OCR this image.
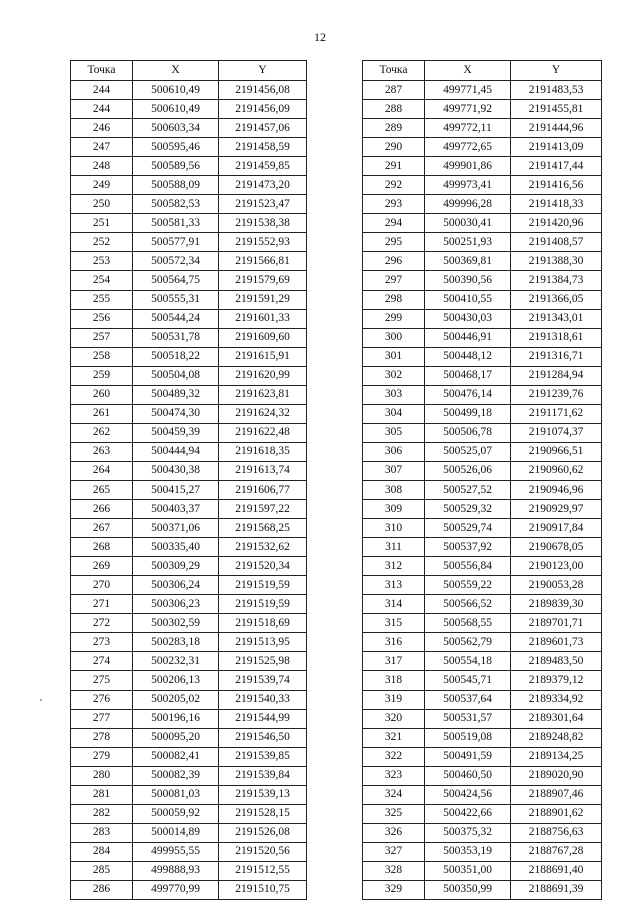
12
Точка	X	Y
244	500610,49	2191456,08
244	500610,49	2191456,09
246	500603,34	2191457,06
247	500595,46	2191458,59
248	500589,56	2191459,85
249	500588,09	2191473,20
250	500582,53	2191523,47
251	500581,33	2191538,38
252	500577,91	2191552,93
253	500572,34	2191566,81
254	500564,75	2191579,69
255	500555,31	2191591,29
256	500544,24	2191601,33
257	500531,78	2191609,60
258	500518,22	2191615,91
259	500504,08	2191620,99
260	500489,32	2191623,81
261	500474,30	2191624,32
262	500459,39	2191622,48
263	500444,94	2191618,35
264	500430,38	2191613,74
265	500415,27	2191606,77
266	500403,37	2191597,22
267	500371,06	2191568,25
268	500335,40	2191532,62
269	500309,29	2191520,34
270	500306,24	2191519,59
271	500306,23	2191519,59
272	500302,59	2191518,69
273	500283,18	2191513,95
274	500232,31	2191525,98
275	500206,13	2191539,74
276	500205,02	2191540,33
277	500196,16	2191544,99
278	500095,20	2191546,50
279	500082,41	2191539,85
280	500082,39	2191539,84
281	500081,03	2191539,13
282	500059,92	2191528,15
283	500014,89	2191526,08
284	499955,55	2191520,56
285	499888,93	2191512,55
286	499770,99	2191510,75
Точка	X	Y
287	499771,45	2191483,53
288	499771,92	2191455,81
289	499772,11	2191444,96
290	499772,65	2191413,09
291	499901,86	2191417,44
292	499973,41	2191416,56
293	499996,28	2191418,33
294	500030,41	2191420,96
295	500251,93	2191408,57
296	500369,81	2191388,30
297	500390,56	2191384,73
298	500410,55	2191366,05
299	500430,03	2191343,01
300	500446,91	2191318,61
301	500448,12	2191316,71
302	500468,17	2191284,94
303	500476,14	2191239,76
304	500499,18	2191171,62
305	500506,78	2191074,37
306	500525,07	2190966,51
307	500526,06	2190960,62
308	500527,52	2190946,96
309	500529,32	2190929,97
310	500529,74	2190917,84
311	500537,92	2190678,05
312	500556,84	2190123,00
313	500559,22	2190053,28
314	500566,52	2189839,30
315	500568,55	2189701,71
316	500562,79	2189601,73
317	500554,18	2189483,50
318	500545,71	2189379,12
319	500537,64	2189334,92
320	500531,57	2189301,64
321	500519,08	2189248,82
322	500491,59	2189134,25
323	500460,50	2189020,90
324	500424,56	2188907,46
325	500422,66	2188901,62
326	500375,32	2188756,63
327	500353,19	2188767,28
328	500351,00	2188691,40
329	500350,99	2188691,39
